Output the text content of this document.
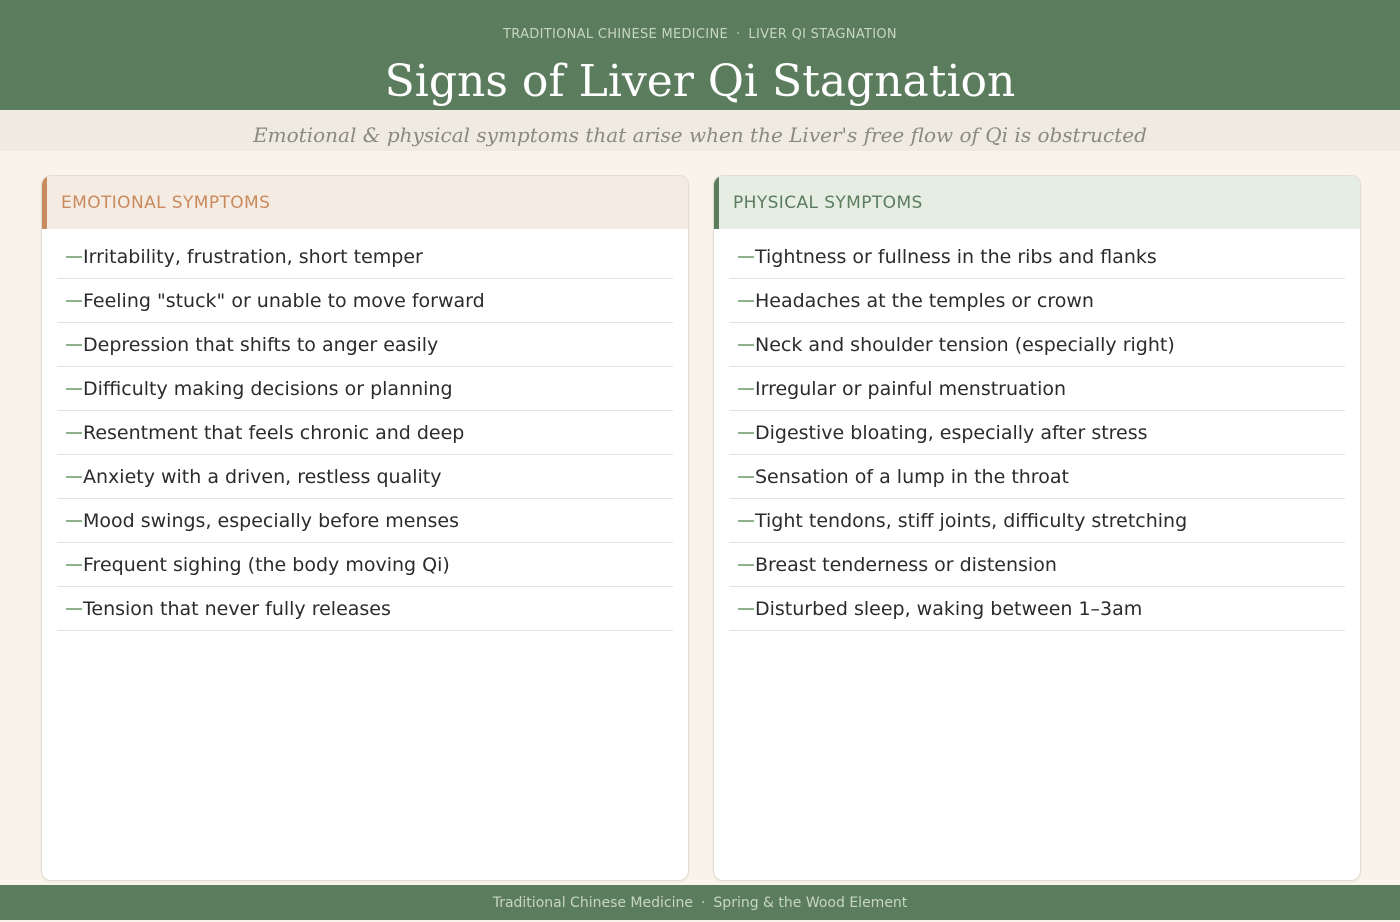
TRADITIONAL CHINESE MEDICINE · LIVER QI STAGNATION
Signs of Liver Qi Stagnation
Emotional & physical symptoms that arise when the Liver's free flow of Qi is obstructed
EMOTIONAL SYMPTOMS
Irritability, frustration, short temper
Feeling "stuck" or unable to move forward
Depression that shifts to anger easily
Difficulty making decisions or planning
Resentment that feels chronic and deep
Anxiety with a driven, restless quality
Mood swings, especially before menses
Frequent sighing (the body moving Qi)
Tension that never fully releases
PHYSICAL SYMPTOMS
Tightness or fullness in the ribs and flanks
Headaches at the temples or crown
Neck and shoulder tension (especially right)
Irregular or painful menstruation
Digestive bloating, especially after stress
Sensation of a lump in the throat
Tight tendons, stiff joints, difficulty stretching
Breast tenderness or distension
Disturbed sleep, waking between 1–3am
Traditional Chinese Medicine · Spring & the Wood Element
